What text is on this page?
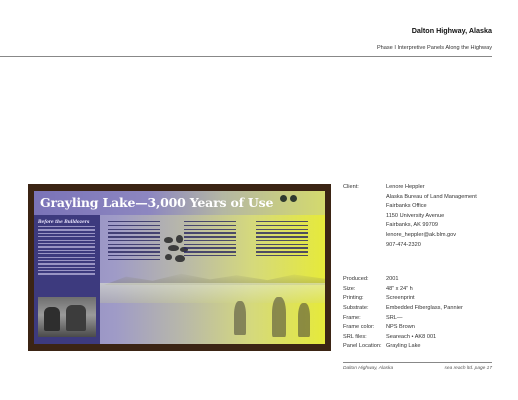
Dalton Highway, Alaska
Phase I Interpretive Panels Along the Highway
Grayling Lake—3,000 Years of Use
Before the Bulldozers
Client:	Lenore Heppler
Alaska Bureau of Land Management
Fairbanks Office
1150 University Avenue
Fairbanks, AK 99709
lenore_heppler@ak.blm.gov
907-474-2320
Produced:	2001
Size:	48” x 24” h
Printing:	Screenprint
Substrate:	Embedded Fiberglass, Pannier
Frame:	SRL—
Frame color:	NPS Brown
SRL files:	Seareach • AK8 001
Panel Location: Grayling Lake
Dalton Highway, Alaska	sea reach ltd. page 17
